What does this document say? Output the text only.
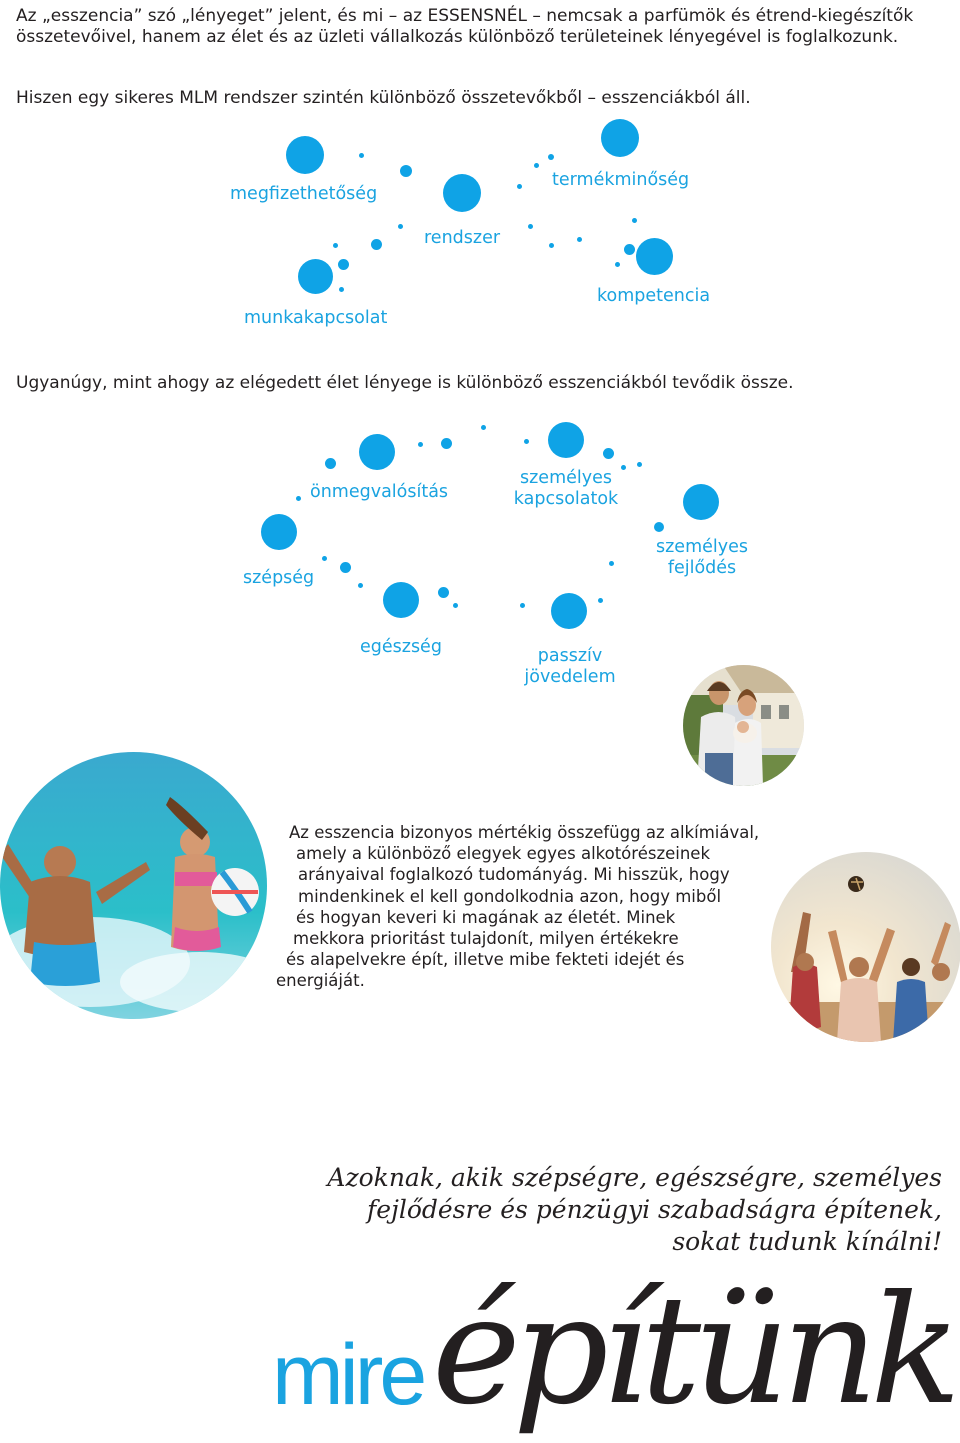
Az „esszencia” szó „lényeget” jelent, és mi – az ESSENSNÉL – nemcsak a parfümök és étrend-kiegészítők
összetevőivel, hanem az élet és az üzleti vállalkozás különböző területeinek lényegével is foglalkozunk.
Hiszen egy sikeres MLM rendszer szintén különböző összetevőkből – esszenciákból áll.
megfizethetőség
termékminőség
rendszer
munkakapcsolat
kompetencia
Ugyanúgy, mint ahogy az elégedett élet lényege is különböző esszenciákból tevődik össze.
önmegvalósítás
személyes
kapcsolatok
szépség
személyes
fejlődés
egészség	passzív
jövedelem
Az esszencia bizonyos mértékig összefügg az alkímiával,
amely a különböző elegyek egyes alkotórészeinek
arányaival foglalkozó tudományág. Mi hisszük, hogy
mindenkinek el kell gondolkodnia azon, hogy miből
és hogyan keveri ki magának az életét. Minek
mekkora prioritást tulajdonít, milyen értékekre
és alapelvekre épít, illetve mibe fekteti idejét és
energiáját.
Azoknak, akik szépségre, egészségre, személyes
fejlődésre és pénzügyi szabadságra építenek,
sokat tudunk kínálni!
mire építünk
